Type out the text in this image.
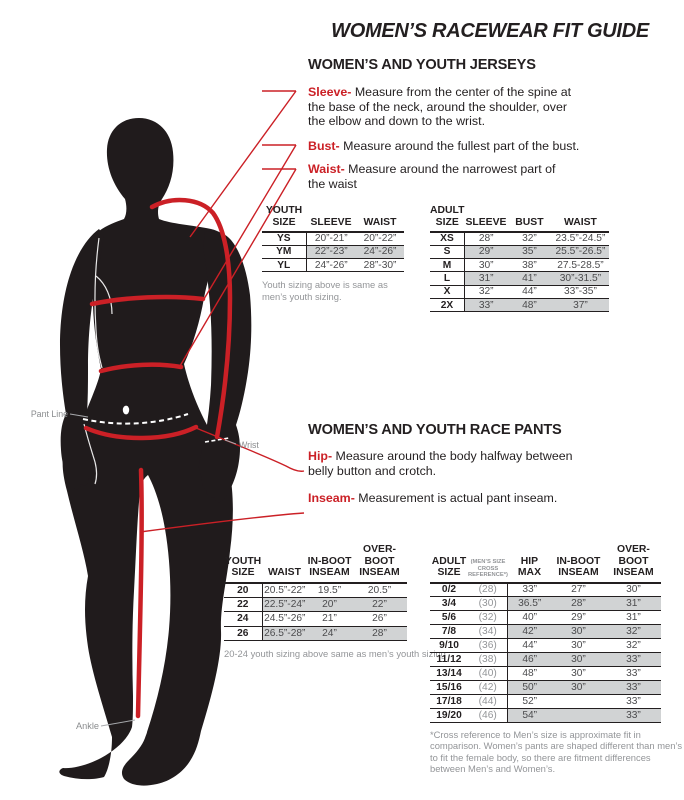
WOMEN’S RACEWEAR FIT GUIDE
WOMEN’S AND YOUTH JERSEYS
Sleeve- Measure from the center of the spine at the base of the neck, around the shoulder, over the elbow and down to the wrist.
Bust- Measure around the fullest part of the bust.
Waist- Measure around the narrowest part of the waist
YOUTH
SIZE	SLEEVE	WAIST

YS	20”-21”	20”-22”
YM	22”-23”	24”-26”
YL	24”-26”	28”-30”
Youth sizing above is same as men’s youth sizing.
ADULT
SIZE	SLEEVE	BUST	WAIST

XS	28”	32”	23.5”-24.5”
S	29”	35”	25.5”-26.5”
M	30”	38”	27.5-28.5”
L	31”	41”	30”-31.5”
X	32”	44”	33”-35”
2X	33”	48”	37”
WOMEN’S AND YOUTH RACE PANTS
Hip- Measure around the body halfway between belly button and crotch.
Inseam- Measurement is actual pant inseam.
Pant Line
Wrist
Ankle
YOUTH
SIZE	WAIST	IN-BOOT
INSEAM	OVER-BOOT
INSEAM

20	20.5”-22”	19.5”	20.5”
22	22.5”-24”	20”	22”
24	24.5”-26”	21”	26”
26	26.5”-28”	24”	28”
20-24 youth sizing above same as men’s youth sizing
ADULT
SIZE	(MEN’S SIZE
CROSS
REFERENCE*)	HIP
MAX	IN-BOOT
INSEAM	OVER-BOOT
INSEAM

0/2	(28)	33”	27”	30”
3/4	(30)	36.5”	28”	31”
5/6	(32)	40”	29”	31”
7/8	(34)	42”	30”	32”
9/10	(36)	44”	30”	32”
11/12	(38)	46”	30”	33”
13/14	(40)	48”	30”	33”
15/16	(42)	50”	30”	33”
17/18	(44)	52”		33”
19/20	(46)	54”		33”
*Cross reference to Men’s size is approximate fit in comparison. Women’s pants are shaped different than men’s to fit the female body, so there are fitment differences between Men’s and Women’s.
